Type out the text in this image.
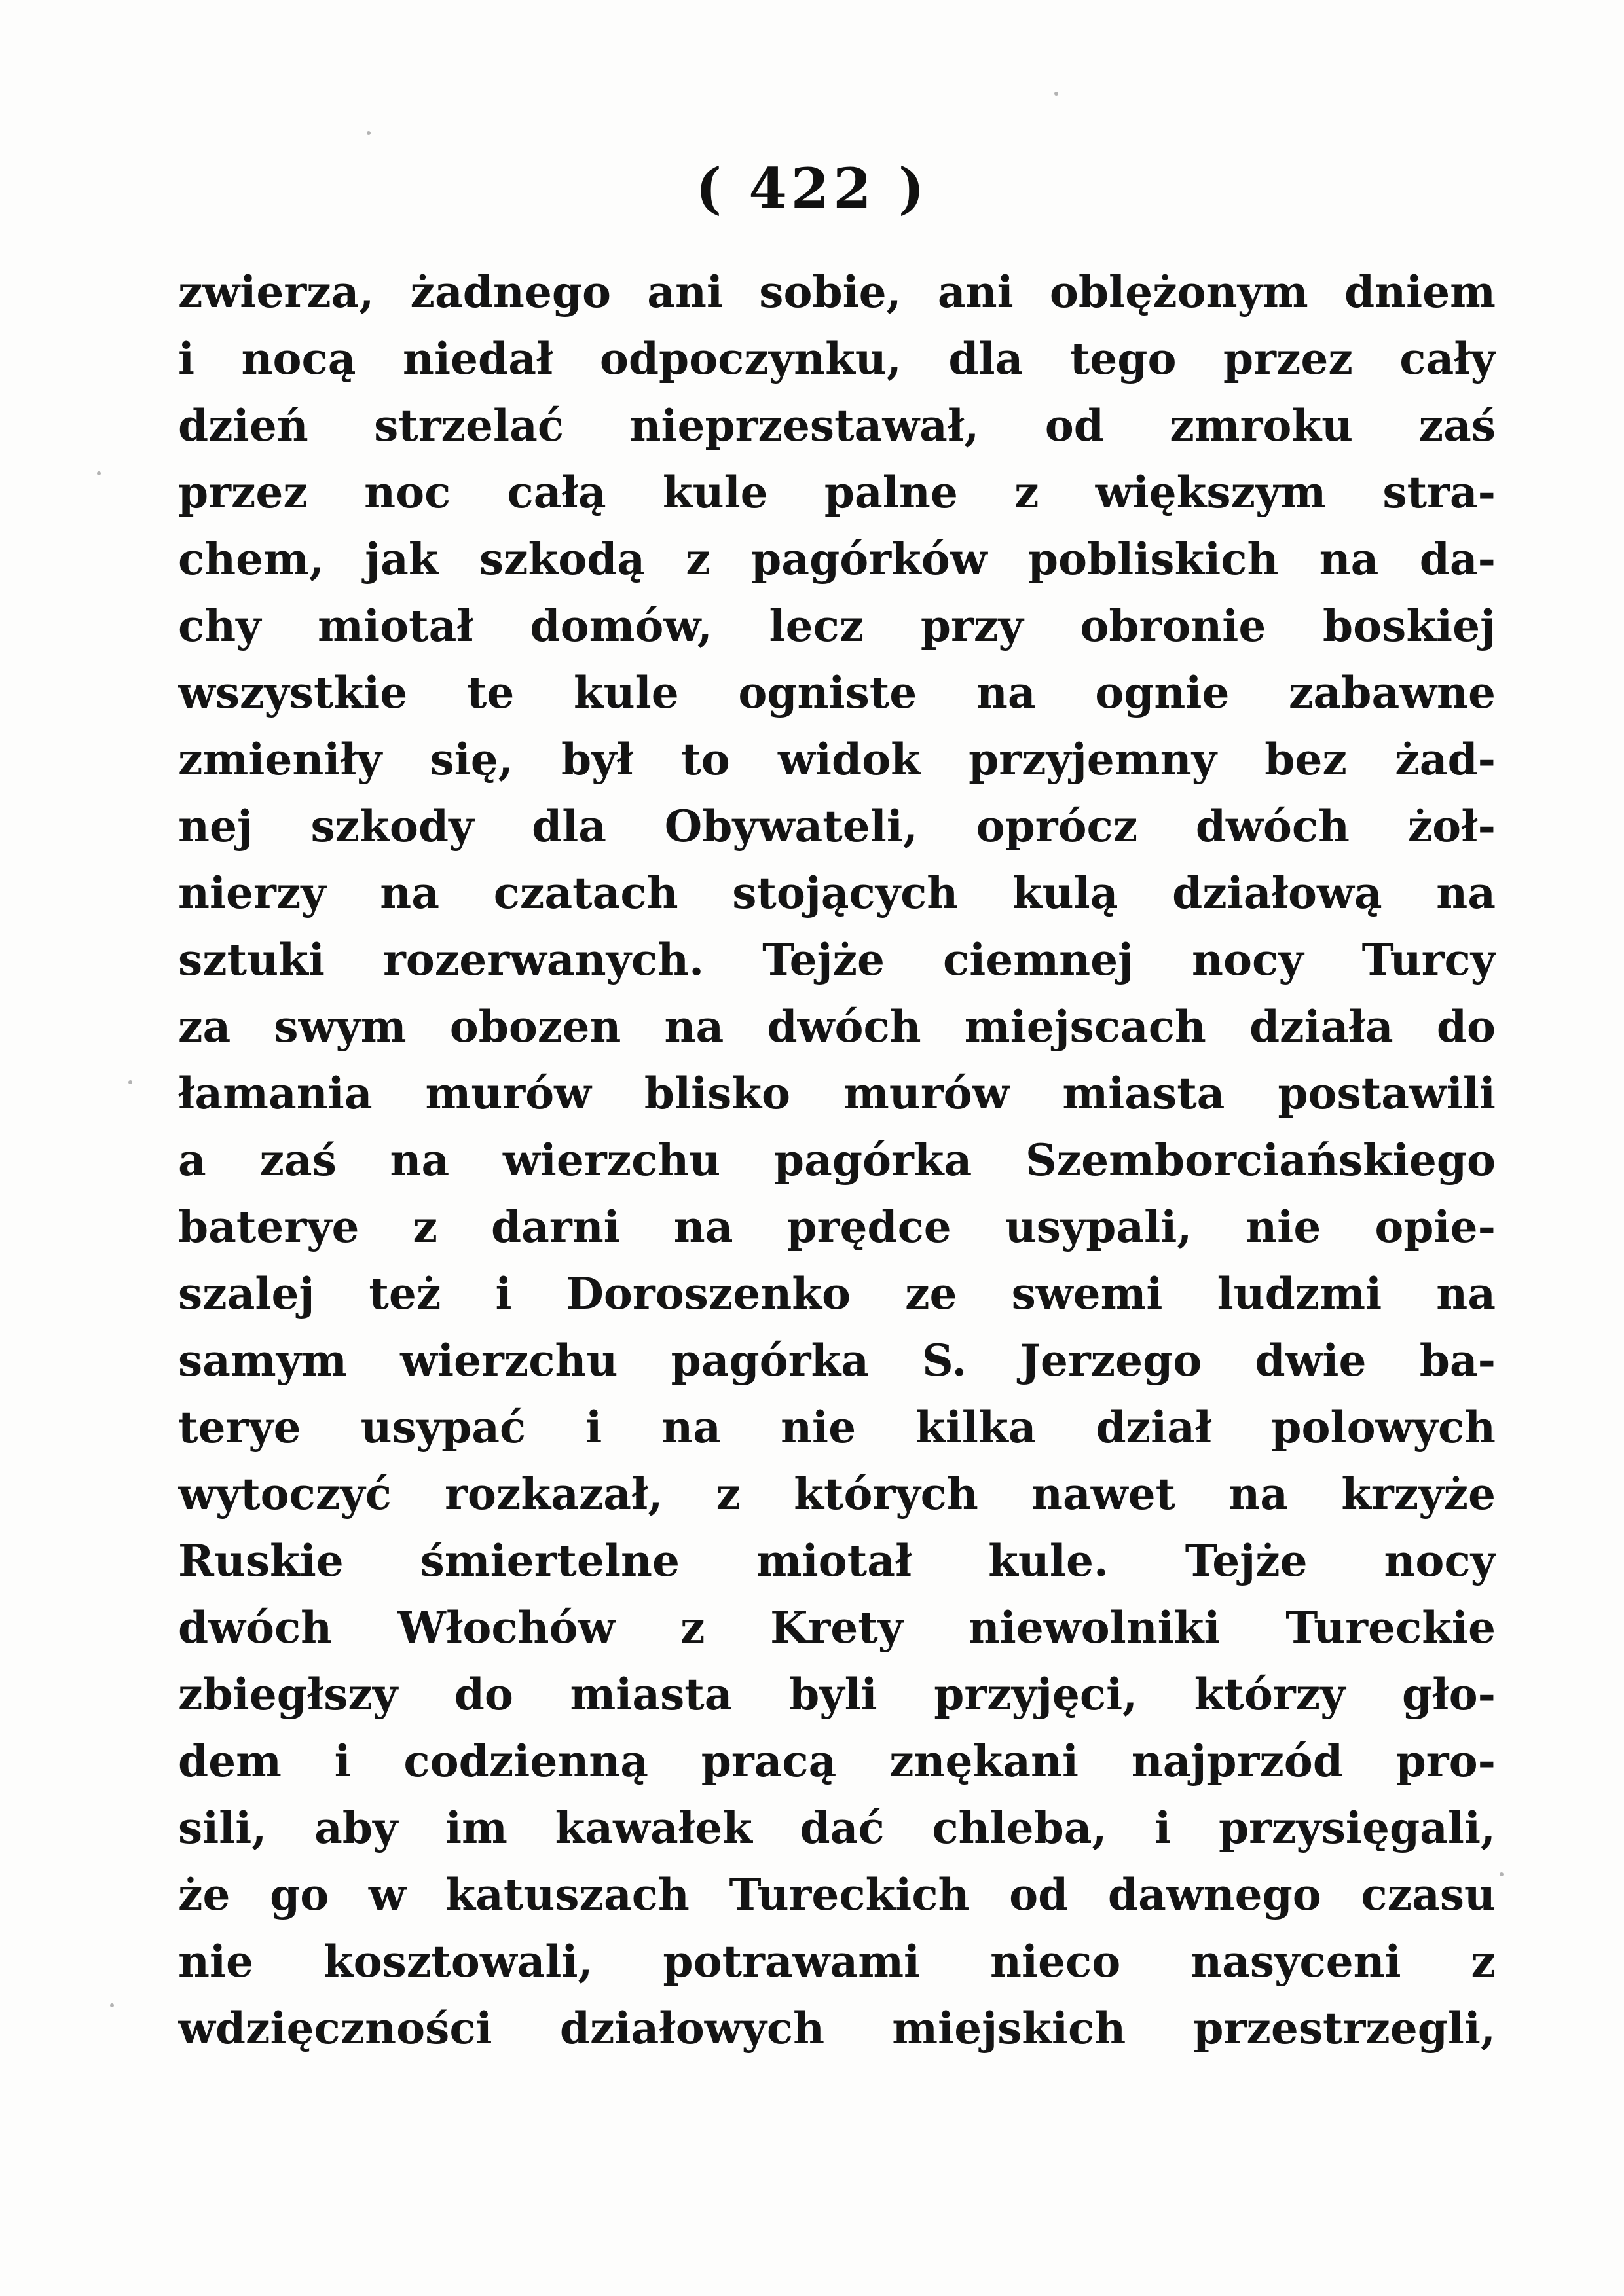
( 422 )
zwierza, żadnego ani sobie, ani oblężonym dniem
i nocą niedał odpoczynku, dla tego przez cały
dzień strzelać nieprzestawał, od zmroku zaś
przez noc całą kule palne z większym stra-
chem, jak szkodą z pagórków pobliskich na da-
chy miotał domów, lecz przy obronie boskiej
wszystkie te kule ogniste na ognie zabawne
zmieniły się, był to widok przyjemny bez żad-
nej szkody dla Obywateli, oprócz dwóch żoł-
nierzy na czatach stojących kulą działową na
sztuki rozerwanych. Tejże ciemnej nocy Turcy
za swym obozen na dwóch miejscach działa do
łamania murów blisko murów miasta postawili
a zaś na wierzchu pagórka Szemborciańskiego
baterye z darni na prędce usypali, nie opie-
szalej też i Doroszenko ze swemi ludzmi na
samym wierzchu pagórka S. Jerzego dwie ba-
terye usypać i na nie kilka dział polowych
wytoczyć rozkazał, z których nawet na krzyże
Ruskie śmiertelne miotał kule. Tejże nocy
dwóch Włochów z Krety niewolniki Tureckie
zbiegłszy do miasta byli przyjęci, którzy gło-
dem i codzienną pracą znękani najprzód pro-
sili, aby im kawałek dać chleba, i przysięgali,
że go w katuszach Tureckich od dawnego czasu
nie kosztowali, potrawami nieco nasyceni z
wdzięczności działowych miejskich przestrzegli,
